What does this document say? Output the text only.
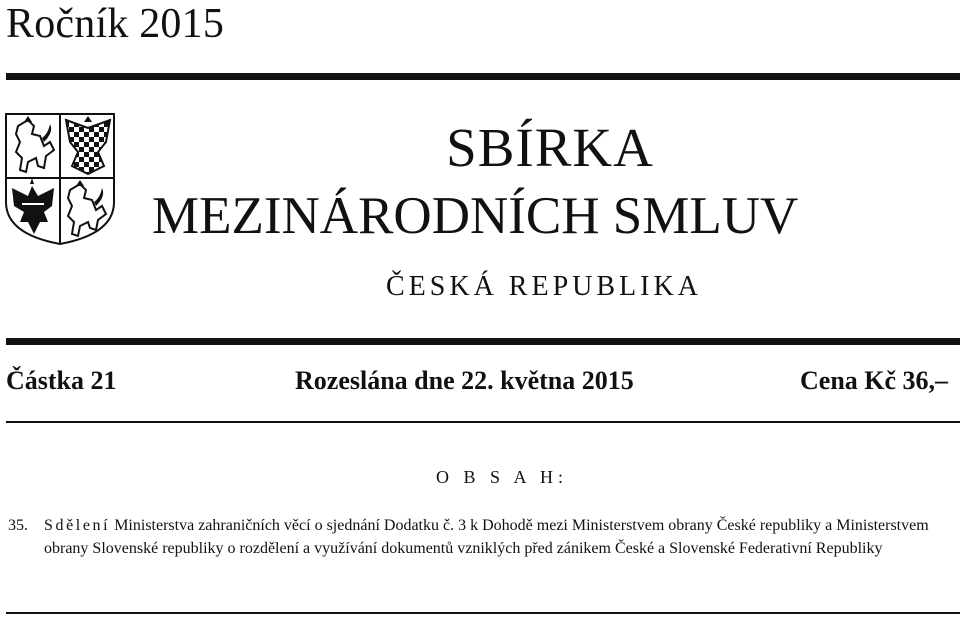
Ročník 2015
SBÍRKA
MEZINÁRODNÍCH SMLUV
ČESKÁ REPUBLIKA
Částka 21	Rozeslána dne 22. května 2015	Cena Kč 36,–
O B S A H:
35. Sdělení Ministerstva zahraničních věcí o sjednání Dodatku č. 3 k Dohodě mezi Ministerstvem obrany České republiky a Ministerstvem obrany Slovenské republiky o rozdělení a využívání dokumentů vzniklých před zánikem České a Slovenské Federativní Republiky
